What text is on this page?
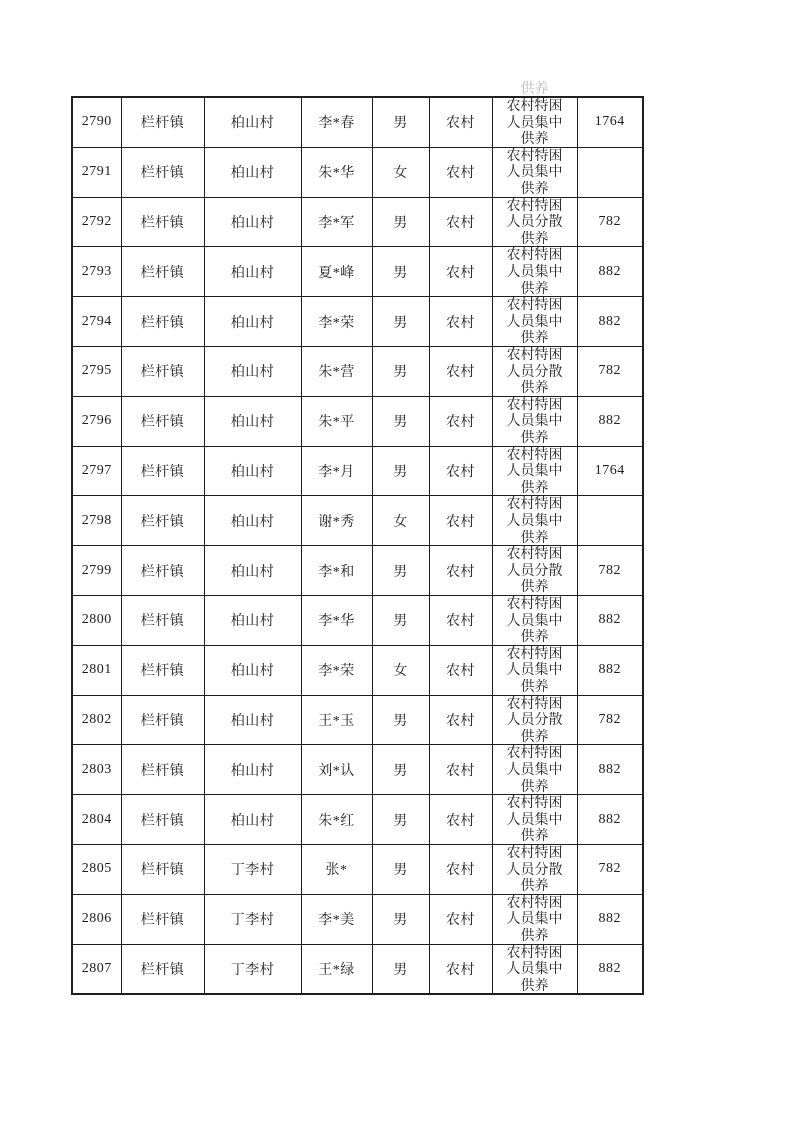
供养
2790	栏杆镇	柏山村	李*春	男	农村	农村特困人员集中供养	1764
2791	栏杆镇	柏山村	朱*华	女	农村	农村特困人员集中供养	

2792	栏杆镇	柏山村	李*军	男	农村	农村特困人员分散供养	782
2793	栏杆镇	柏山村	夏*峰	男	农村	农村特困人员集中供养	882
2794	栏杆镇	柏山村	李*荣	男	农村	农村特困人员集中供养	882
2795	栏杆镇	柏山村	朱*营	男	农村	农村特困人员分散供养	782
2796	栏杆镇	柏山村	朱*平	男	农村	农村特困人员集中供养	882
2797	栏杆镇	柏山村	李*月	男	农村	农村特困人员集中供养	1764
2798	栏杆镇	柏山村	谢*秀	女	农村	农村特困人员集中供养	

2799	栏杆镇	柏山村	李*和	男	农村	农村特困人员分散供养	782
2800	栏杆镇	柏山村	李*华	男	农村	农村特困人员集中供养	882
2801	栏杆镇	柏山村	李*荣	女	农村	农村特困人员集中供养	882
2802	栏杆镇	柏山村	王*玉	男	农村	农村特困人员分散供养	782
2803	栏杆镇	柏山村	刘*认	男	农村	农村特困人员集中供养	882
2804	栏杆镇	柏山村	朱*红	男	农村	农村特困人员集中供养	882
2805	栏杆镇	丁李村	张*	男	农村	农村特困人员分散供养	782
2806	栏杆镇	丁李村	李*美	男	农村	农村特困人员集中供养	882
2807	栏杆镇	丁李村	王*绿	男	农村	农村特困人员集中供养	882
